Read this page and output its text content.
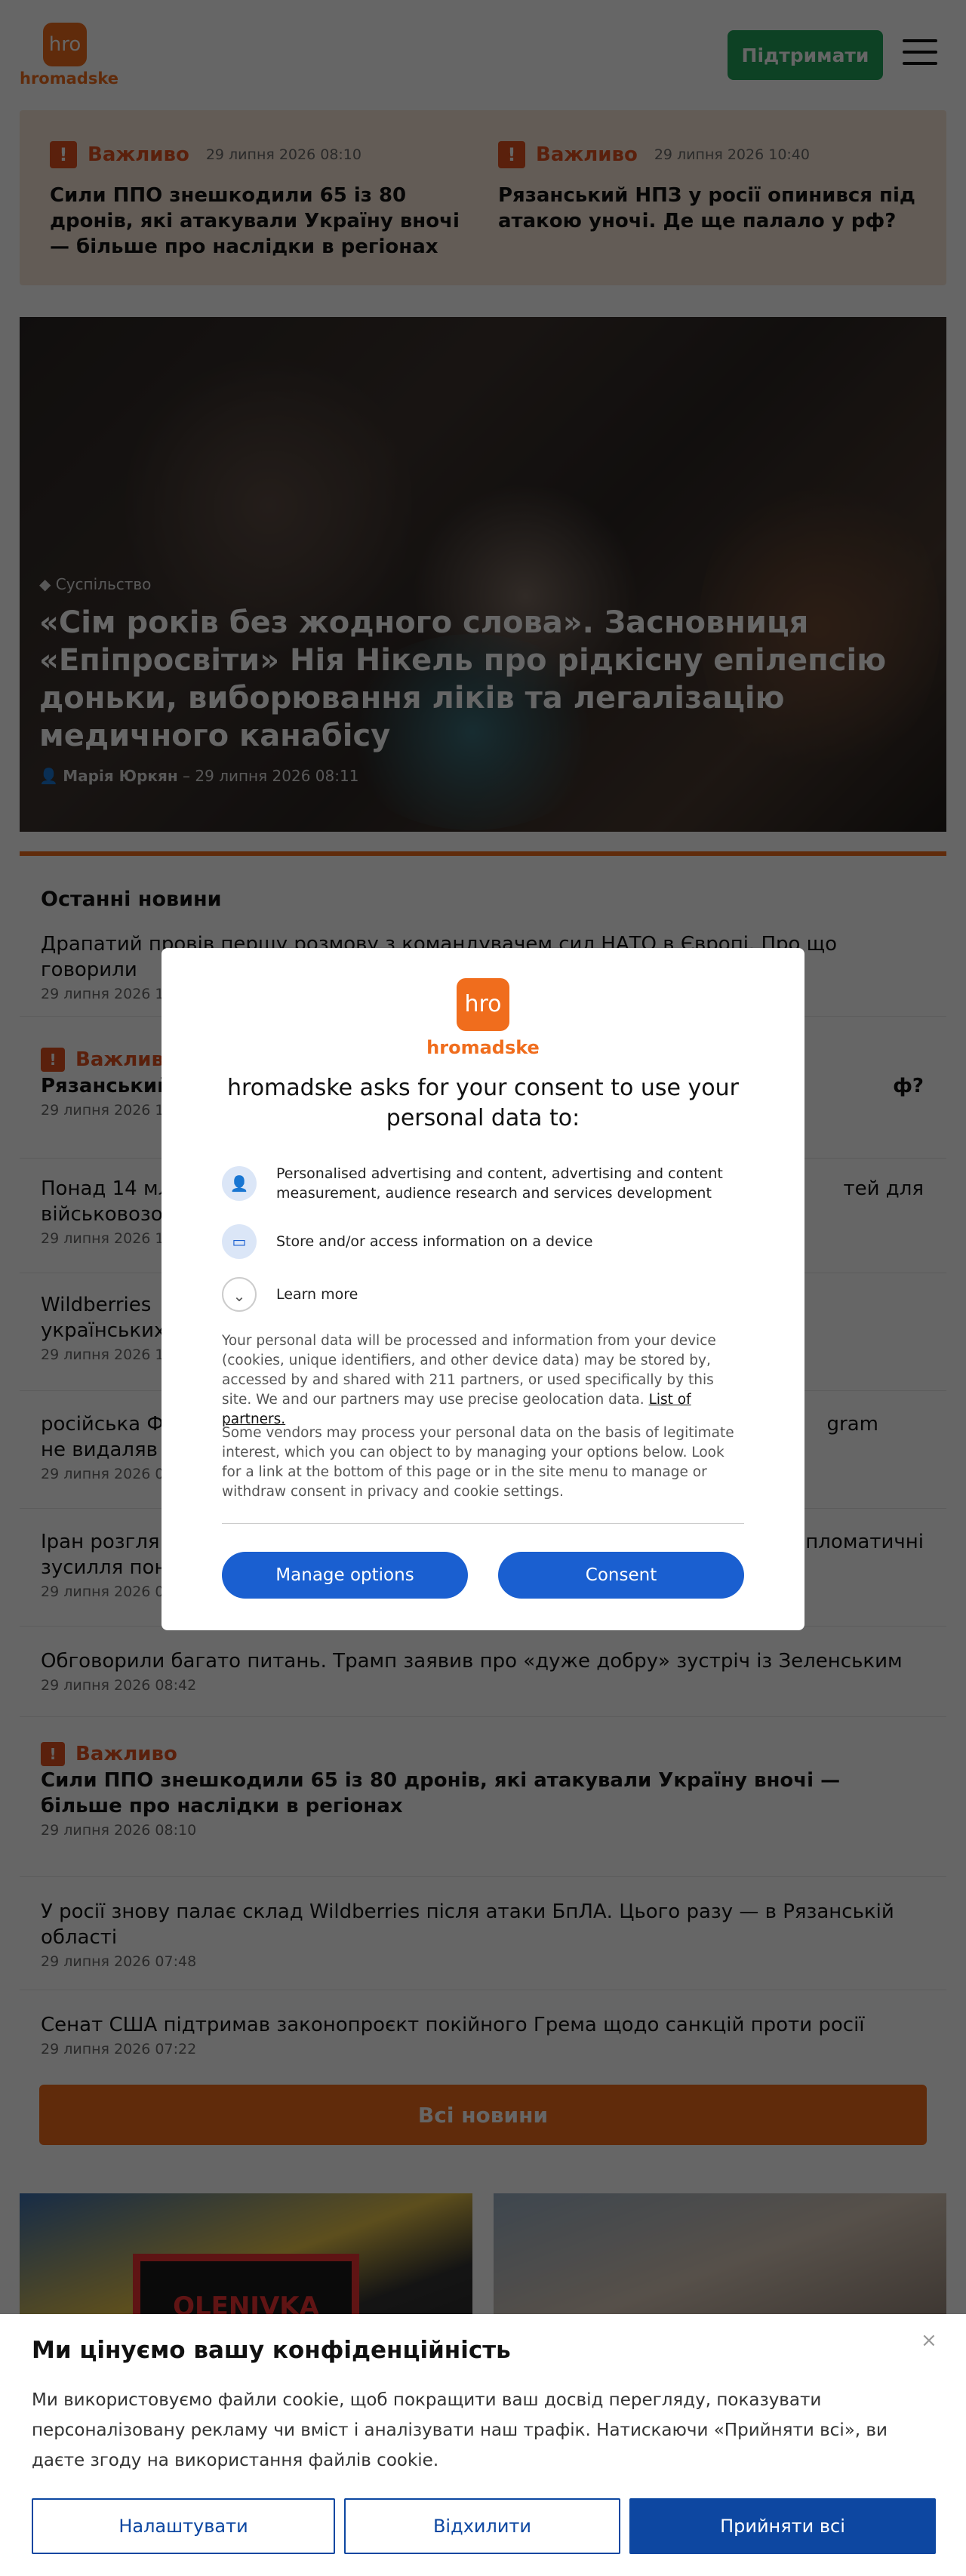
hro
hromadske
hromadske asks for your consent to use your personal data to:
👤
Personalised advertising and content, advertising and content measurement, audience research and services development
▭	Store and/or access information on a device
⌄	Learn more
Your personal data will be processed and information from your device (cookies, unique identifiers, and other device data) may be stored by, accessed by and shared with 211 partners, or used specifically by this site. We and our partners may use precise geolocation data. List of partners.
Some vendors may process your personal data on the basis of legitimate interest, which you can object to by managing your options below. Look for a link at the bottom of this page or in the site menu to manage or withdraw consent in privacy and cookie settings.
Manage options	Consent
×
Ми цінуємо вашу конфіденційність
Ми використовуємо файли cookie, щоб покращити ваш досвід перегляду, показувати персоналізовану рекламу чи вміст і аналізувати наш трафік. Натискаючи «Прийняти всі», ви даєте згоду на використання файлів cookie.
Налаштувати	Відхилити	Прийняти всі
